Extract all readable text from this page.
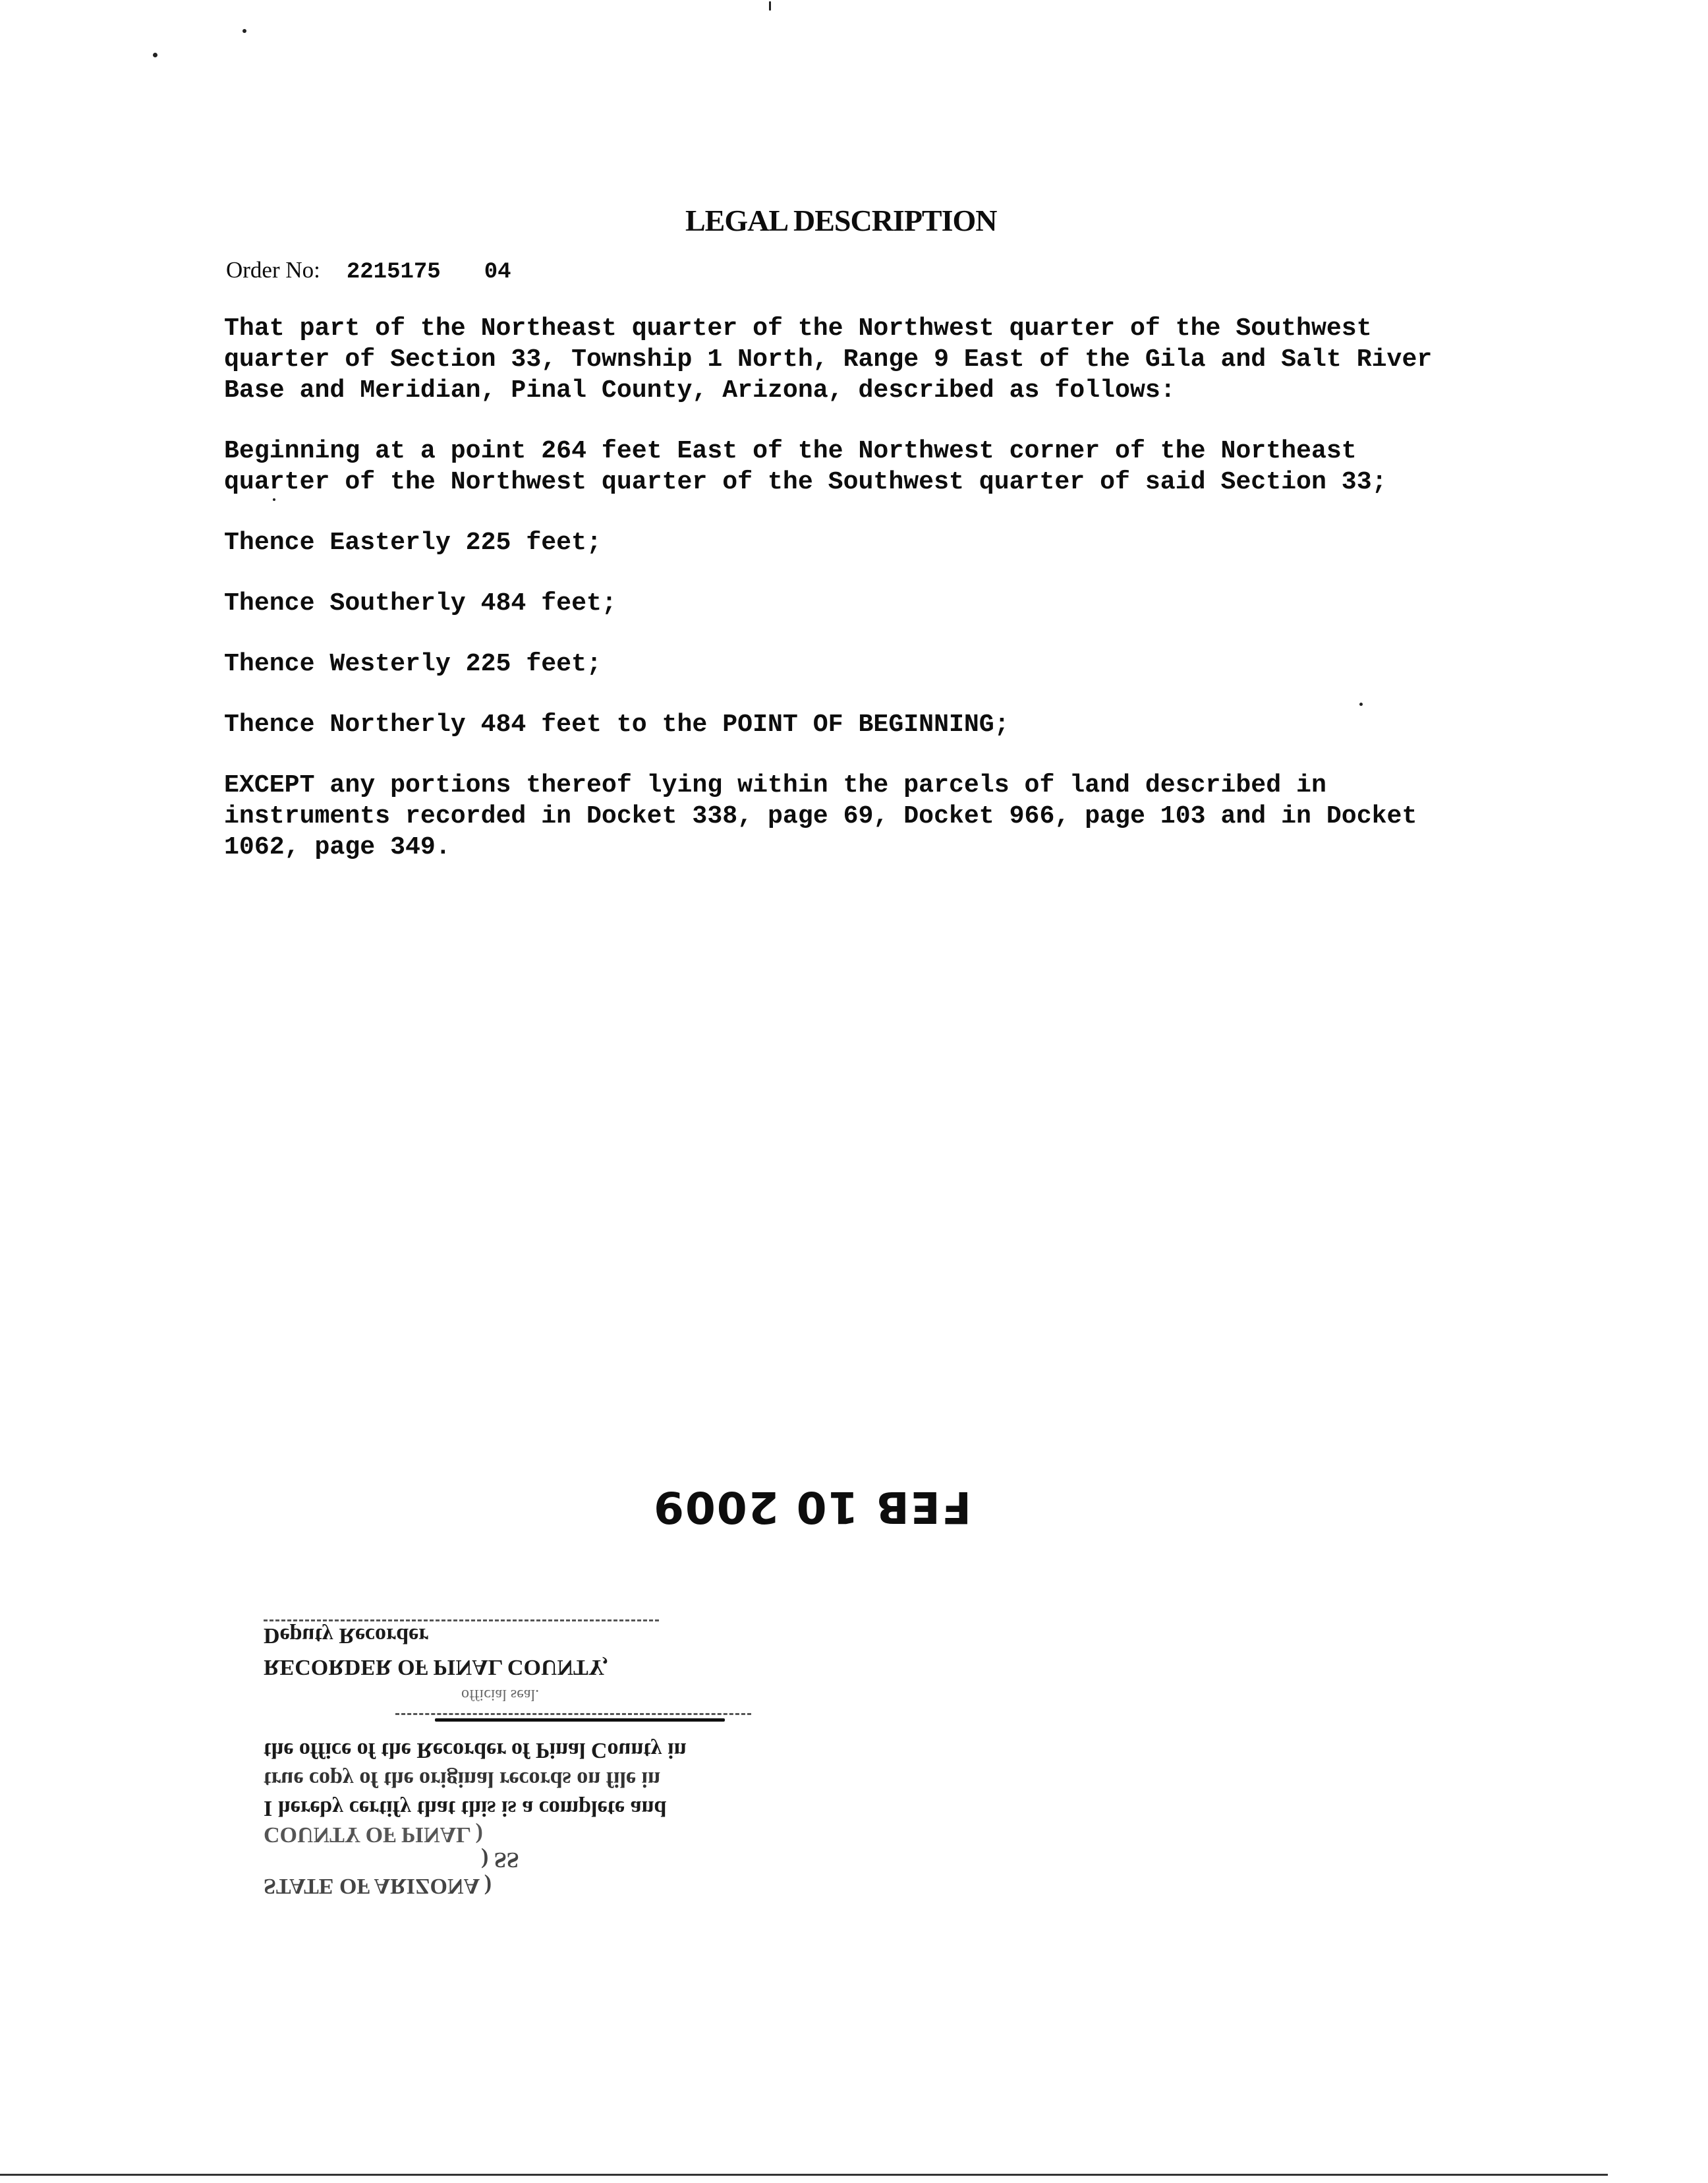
LEGAL DESCRIPTION
Order No: 2215175 04

That part of the Northeast quarter of the Northwest quarter of the Southwest
quarter of Section 33, Township 1 North, Range 9 East of the Gila and Salt River
Base and Meridian, Pinal County, Arizona, described as follows:

Beginning at a point 264 feet East of the Northwest corner of the Northeast
quarter of the Northwest quarter of the Southwest quarter of said Section 33;

Thence Easterly 225 feet;

Thence Southerly 484 feet;

Thence Westerly 225 feet;

Thence Northerly 484 feet to the POINT OF BEGINNING;

EXCEPT any portions thereof lying within the parcels of land described in
instruments recorded in Docket 338, page 69, Docket 966, page 103 and in Docket
1062, page 349.

FEB 10 2009
STATE OF ARIZONA )
) SS
COUNTY OF PINAL )
I hereby certify that this is a complete and
true copy of the original records on file in
the office of the Recorder of Pinal County in
official seal.
RECORDER OF PINAL COUNTY,
Deputy Recorder
